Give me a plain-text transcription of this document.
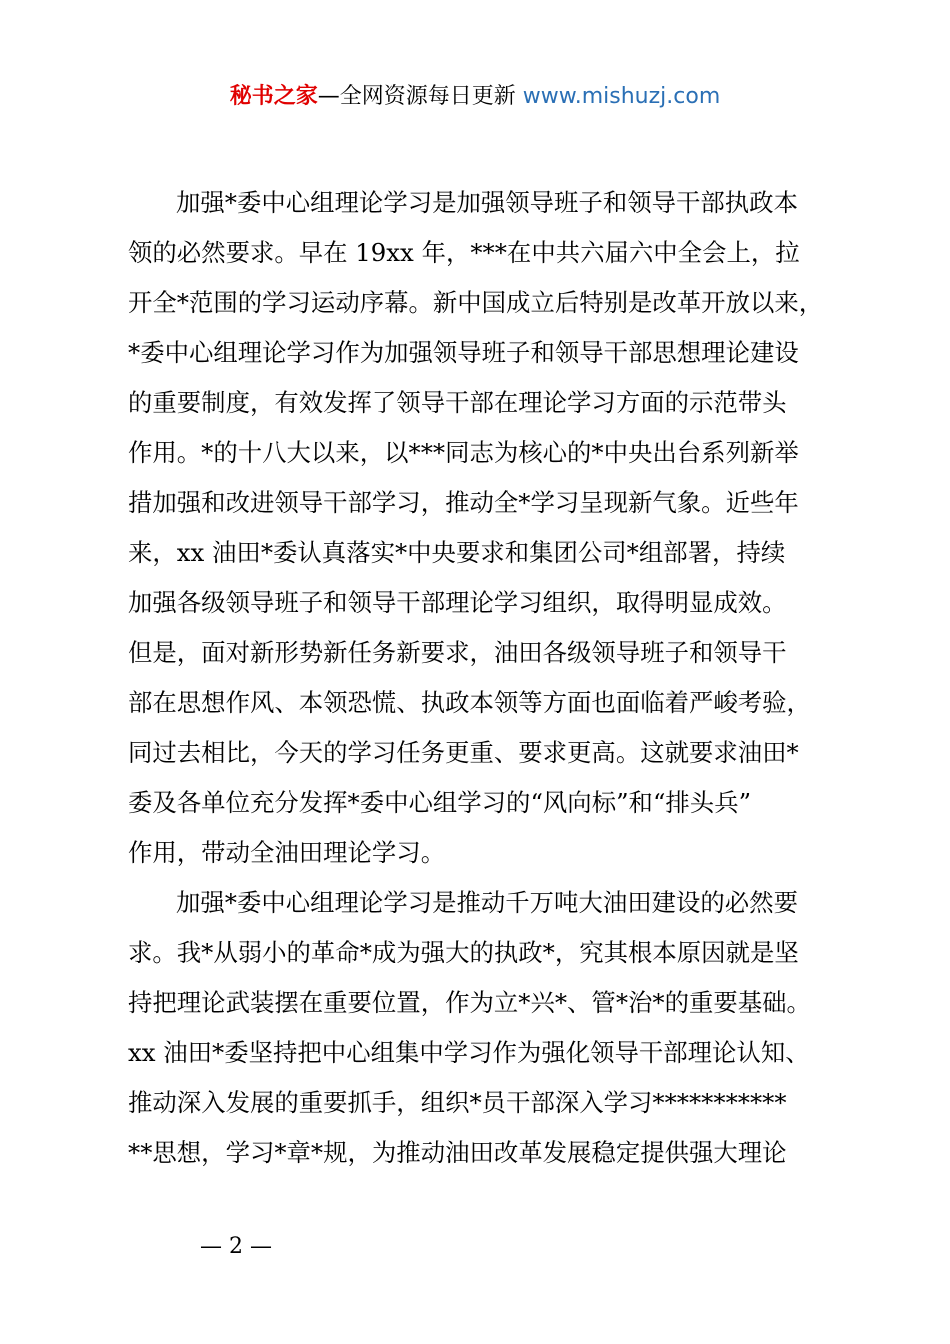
秘书之家—全网资源每日更新 www.mishuzj.com

加强*委中心组理论学习是加强领导班子和领导干部执政本
领的必然要求。早在 19xx 年，***在中共六届六中全会上，拉
开全*范围的学习运动序幕。新中国成立后特别是改革开放以来，
*委中心组理论学习作为加强领导班子和领导干部思想理论建设
的重要制度，有效发挥了领导干部在理论学习方面的示范带头
作用。*的十八大以来，以***同志为核心的*中央出台系列新举
措加强和改进领导干部学习，推动全*学习呈现新气象。近些年
来，xx 油田*委认真落实*中央要求和集团公司*组部署，持续
加强各级领导班子和领导干部理论学习组织，取得明显成效。
但是，面对新形势新任务新要求，油田各级领导班子和领导干
部在思想作风、本领恐慌、执政本领等方面也面临着严峻考验，
同过去相比，今天的学习任务更重、要求更高。这就要求油田*
委及各单位充分发挥*委中心组学习的“风向标”和“排头兵”
作用，带动全油田理论学习。

加强*委中心组理论学习是推动千万吨大油田建设的必然要
求。我*从弱小的革命*成为强大的执政*，究其根本原因就是坚
持把理论武装摆在重要位置，作为立*兴*、管*治*的重要基础。
xx 油田*委坚持把中心组集中学习作为强化领导干部理论认知、
推动深入发展的重要抓手，组织*员干部深入学习***********
**思想，学习*章*规，为推动油田改革发展稳定提供强大理论

— 2 —
